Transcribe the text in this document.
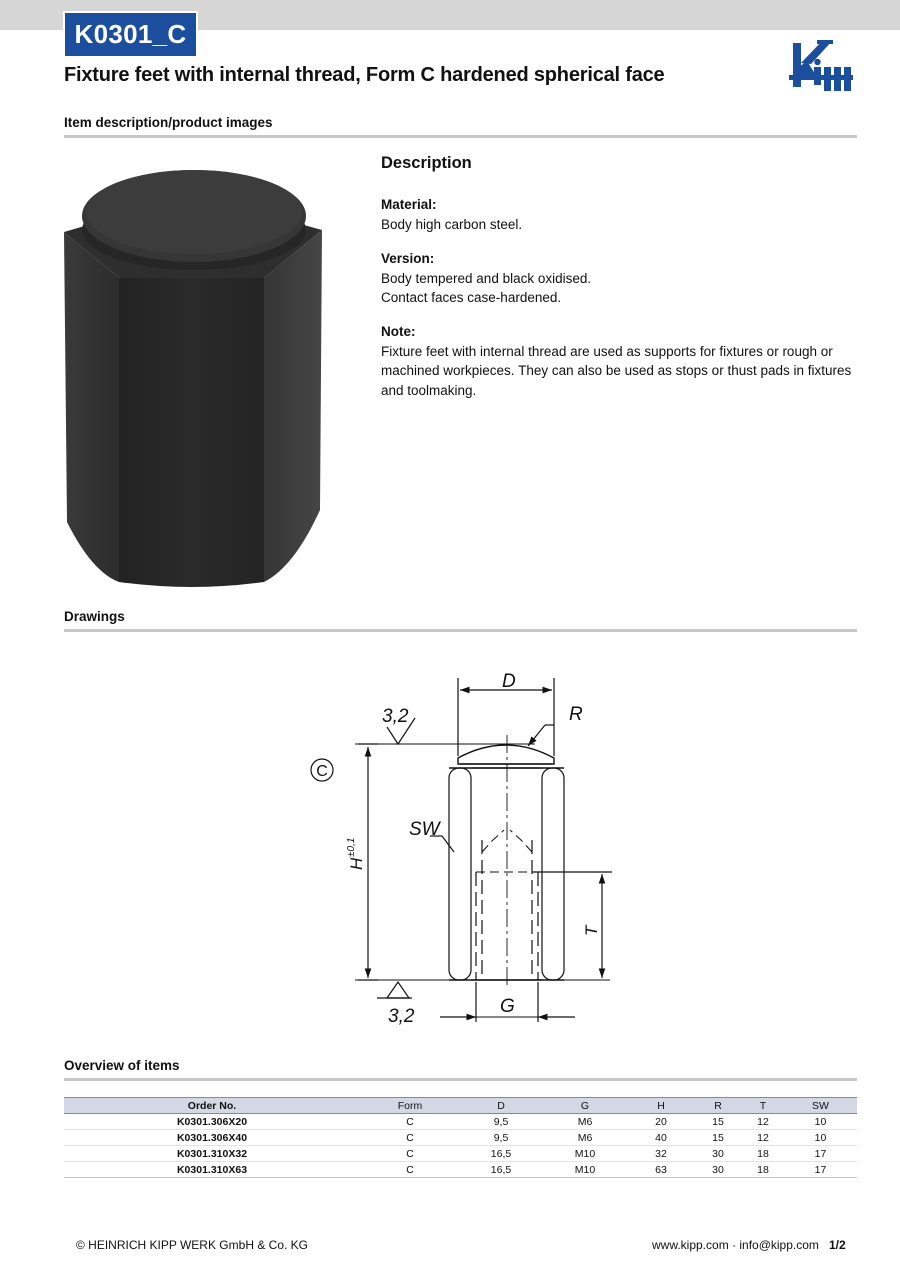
K0301_C
Fixture feet with internal thread, Form C hardened spherical face
Item description/product images
Description

Material:

Body high carbon steel.

Version:

Body tempered and black oxidised.

Contact faces case-hardened.

Note:

Fixture feet with internal thread are used as supports for fixtures or rough or machined workpieces. They can also be used as stops or thust pads in fixtures and toolmaking.

Drawings
D
R
3,2
3,2
SW
G
C
H
±0,1
T
Overview of items
Order No.	Form	D	G	H	R	T	SW
K0301.306X20	C	9,5	M6	20	15	12	10
K0301.306X40	C	9,5	M6	40	15	12	10
K0301.310X32	C	16,5	M10	32	30	18	17
K0301.310X63	C	16,5	M10	63	30	18	17
© HEINRICH KIPP WERK GmbH & Co. KG	www.kipp.com · info@kipp.com 1/2
